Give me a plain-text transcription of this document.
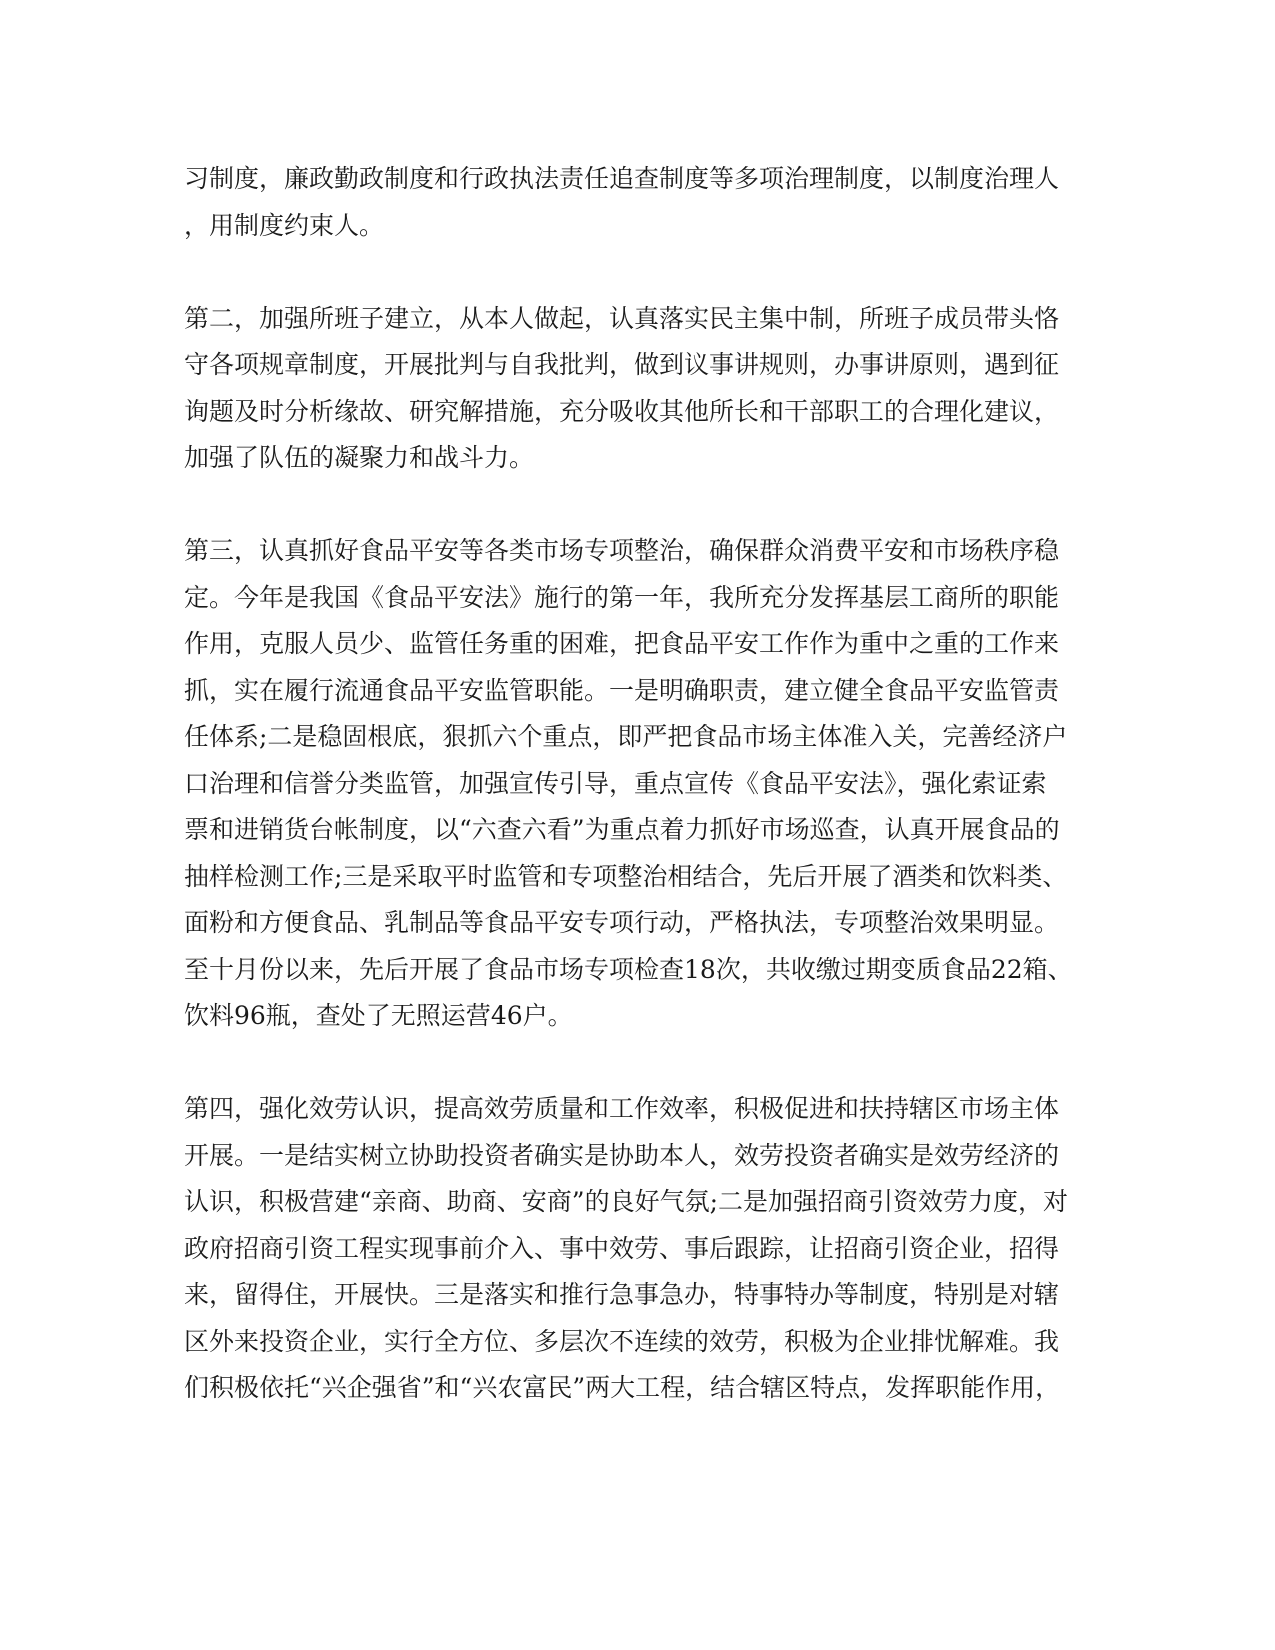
习制度，廉政勤政制度和行政执法责任追查制度等多项治理制度，以制度治理人
，用制度约束人。

第二，加强所班子建立，从本人做起，认真落实民主集中制，所班子成员带头恪
守各项规章制度，开展批判与自我批判，做到议事讲规则，办事讲原则，遇到征
询题及时分析缘故、研究解措施，充分吸收其他所长和干部职工的合理化建议，
加强了队伍的凝聚力和战斗力。

第三，认真抓好食品平安等各类市场专项整治，确保群众消费平安和市场秩序稳
定。今年是我国《食品平安法》施行的第一年，我所充分发挥基层工商所的职能
作用，克服人员少、监管任务重的困难，把食品平安工作作为重中之重的工作来
抓，实在履行流通食品平安监管职能。一是明确职责，建立健全食品平安监管责
任体系;二是稳固根底，狠抓六个重点，即严把食品市场主体准入关，完善经济户
口治理和信誉分类监管，加强宣传引导，重点宣传《食品平安法》，强化索证索
票和进销货台帐制度，以“六查六看”为重点着力抓好市场巡查，认真开展食品的
抽样检测工作;三是采取平时监管和专项整治相结合，先后开展了酒类和饮料类、
面粉和方便食品、乳制品等食品平安专项行动，严格执法，专项整治效果明显。
至十月份以来，先后开展了食品市场专项检查18次，共收缴过期变质食品22箱、
饮料96瓶，查处了无照运营46户。

第四，强化效劳认识，提高效劳质量和工作效率，积极促进和扶持辖区市场主体
开展。一是结实树立协助投资者确实是协助本人，效劳投资者确实是效劳经济的
认识，积极营建“亲商、助商、安商”的良好气氛;二是加强招商引资效劳力度，对
政府招商引资工程实现事前介入、事中效劳、事后跟踪，让招商引资企业，招得
来，留得住，开展快。三是落实和推行急事急办，特事特办等制度，特别是对辖
区外来投资企业，实行全方位、多层次不连续的效劳，积极为企业排忧解难。我
们积极依托“兴企强省”和“兴农富民”两大工程，结合辖区特点，发挥职能作用，
